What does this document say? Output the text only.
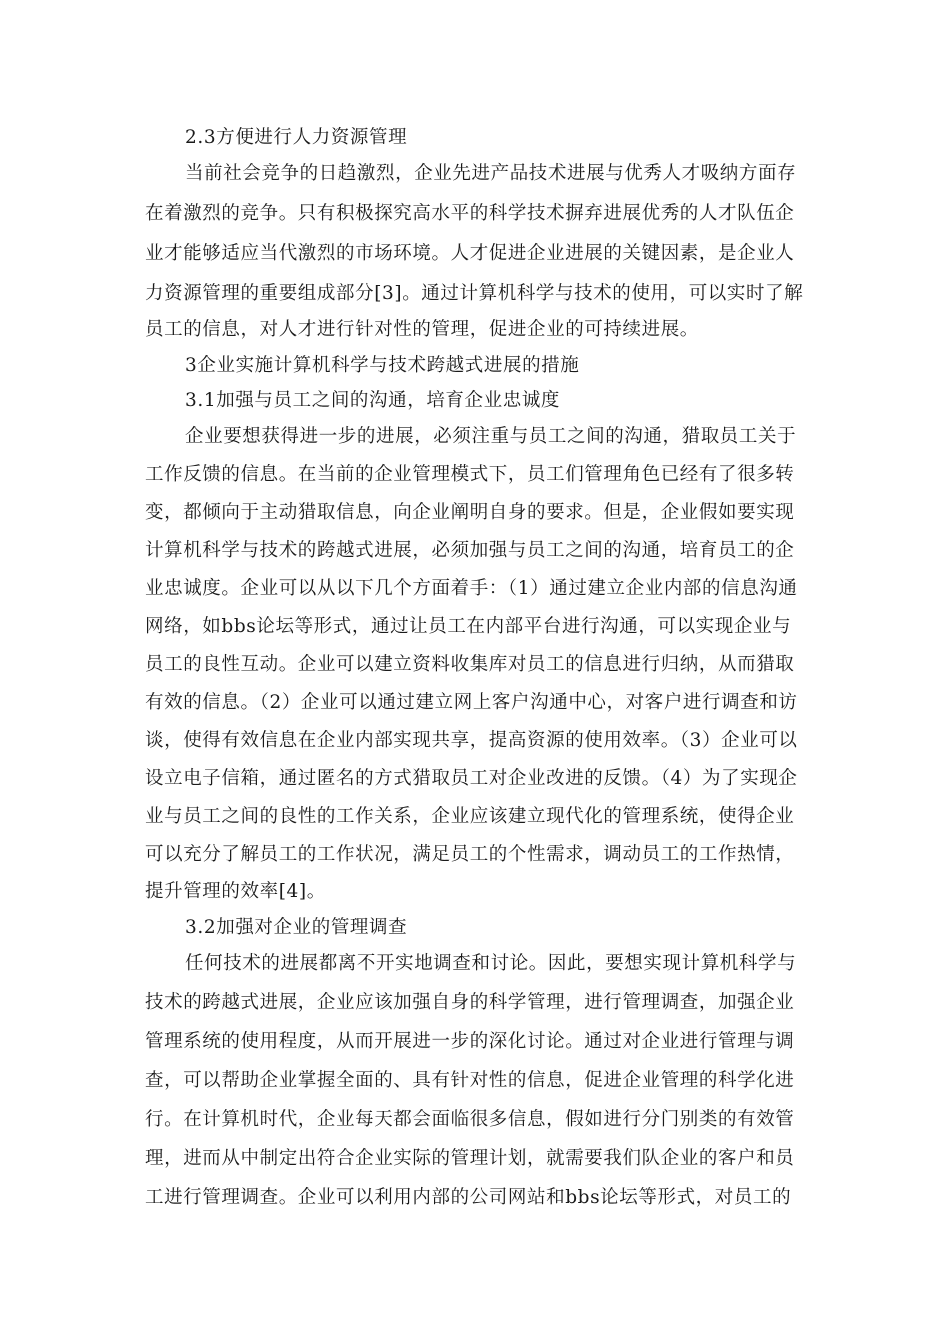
2.3方便进行人力资源管理
当前社会竞争的日趋激烈，企业先进产品技术进展与优秀人才吸纳方面存
在着激烈的竞争。只有积极探究高水平的科学技术摒弃进展优秀的人才队伍企
业才能够适应当代激烈的市场环境。人才促进企业进展的关键因素，是企业人
力资源管理的重要组成部分[3]。通过计算机科学与技术的使用，可以实时了解
员工的信息，对人才进行针对性的管理，促进企业的可持续进展。
3企业实施计算机科学与技术跨越式进展的措施
3.1加强与员工之间的沟通，培育企业忠诚度
企业要想获得进一步的进展，必须注重与员工之间的沟通，猎取员工关于
工作反馈的信息。在当前的企业管理模式下，员工们管理角色已经有了很多转
变，都倾向于主动猎取信息，向企业阐明自身的要求。但是，企业假如要实现
计算机科学与技术的跨越式进展，必须加强与员工之间的沟通，培育员工的企
业忠诚度。企业可以从以下几个方面着手：（1）通过建立企业内部的信息沟通
网络，如bbs论坛等形式，通过让员工在内部平台进行沟通，可以实现企业与
员工的良性互动。企业可以建立资料收集库对员工的信息进行归纳，从而猎取
有效的信息。（2）企业可以通过建立网上客户沟通中心，对客户进行调查和访
谈，使得有效信息在企业内部实现共享，提高资源的使用效率。（3）企业可以
设立电子信箱，通过匿名的方式猎取员工对企业改进的反馈。（4）为了实现企
业与员工之间的良性的工作关系，企业应该建立现代化的管理系统，使得企业
可以充分了解员工的工作状况，满足员工的个性需求，调动员工的工作热情，
提升管理的效率[4]。
3.2加强对企业的管理调查
任何技术的进展都离不开实地调查和讨论。因此，要想实现计算机科学与
技术的跨越式进展，企业应该加强自身的科学管理，进行管理调查，加强企业
管理系统的使用程度，从而开展进一步的深化讨论。通过对企业进行管理与调
查，可以帮助企业掌握全面的、具有针对性的信息，促进企业管理的科学化进
行。在计算机时代，企业每天都会面临很多信息，假如进行分门别类的有效管
理，进而从中制定出符合企业实际的管理计划，就需要我们队企业的客户和员
工进行管理调查。企业可以利用内部的公司网站和bbs论坛等形式，对员工的
